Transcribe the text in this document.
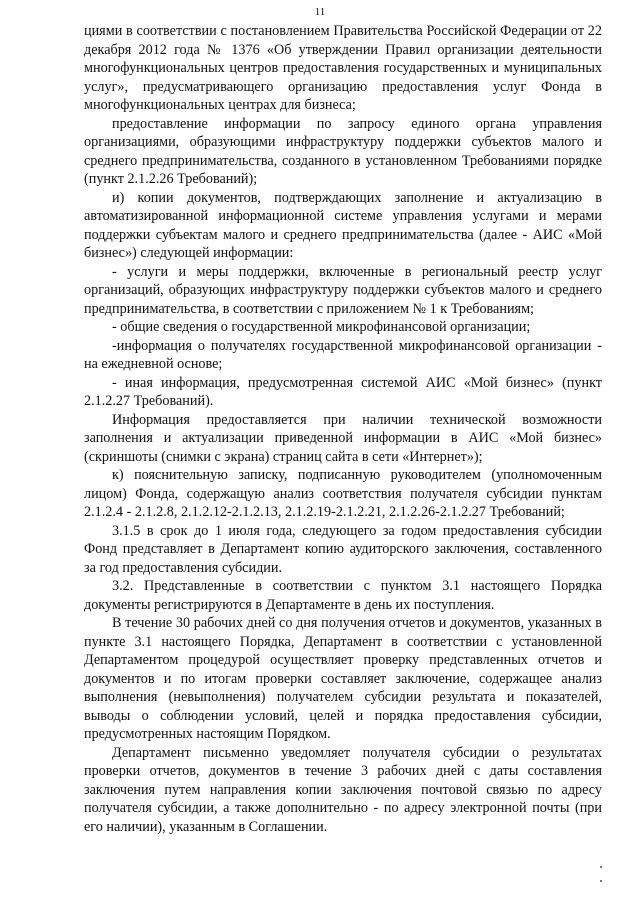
11

циями в соответствии с постановлением Правительства Российской Федерации от 22 декабря 2012 года № 1376 «Об утверждении Правил организации деятельности многофункциональных центров предоставления государственных и муниципальных услуг», предусматривающего организацию предоставления услуг Фонда в многофункциональных центрах для бизнеса;

предоставление информации по запросу единого органа управления организациями, образующими инфраструктуру поддержки субъектов малого и среднего предпринимательства, созданного в установленном Требованиями порядке (пункт 2.1.2.26 Требований);

и) копии документов, подтверждающих заполнение и актуализацию в автоматизированной информационной системе управления услугами и мерами поддержки субъектам малого и среднего предпринимательства (далее - АИС «Мой бизнес») следующей информации:

- услуги и меры поддержки, включенные в региональный реестр услуг организаций, образующих инфраструктуру поддержки субъектов малого и среднего предпринимательства, в соответствии с приложением № 1 к Требованиям;

- общие сведения о государственной микрофинансовой организации;

-информация о получателях государственной микрофинансовой организации - на ежедневной основе;

- иная информация, предусмотренная системой АИС «Мой бизнес» (пункт 2.1.2.27 Требований).

Информация предоставляется при наличии технической возможности заполнения и актуализации приведенной информации в АИС «Мой бизнес» (скриншоты (снимки с экрана) страниц сайта в сети «Интернет»);

к) пояснительную записку, подписанную руководителем (уполномоченным лицом) Фонда, содержащую анализ соответствия получателя субсидии пунктам 2.1.2.4 - 2.1.2.8, 2.1.2.12-2.1.2.13, 2.1.2.19-2.1.2.21, 2.1.2.26-2.1.2.27 Требований;

3.1.5 в срок до 1 июля года, следующего за годом предоставления субсидии Фонд представляет в Департамент копию аудиторского заключения, составленного за год предоставления субсидии.

3.2. Представленные в соответствии с пунктом 3.1 настоящего Порядка документы регистрируются в Департаменте в день их поступления.

В течение 30 рабочих дней со дня получения отчетов и документов, указанных в пункте 3.1 настоящего Порядка, Департамент в соответствии с установленной Департаментом процедурой осуществляет проверку представленных отчетов и документов и по итогам проверки составляет заключение, содержащее анализ выполнения (невыполнения) получателем субсидии результата и показателей, выводы о соблюдении условий, целей и порядка предоставления субсидии, предусмотренных настоящим Порядком.

Департамент письменно уведомляет получателя субсидии о результатах проверки отчетов, документов в течение 3 рабочих дней с даты составления заключения путем направления копии заключения почтовой связью по адресу получателя субсидии, а также дополнительно - по адресу электронной почты (при его наличии), указанным в Соглашении.
